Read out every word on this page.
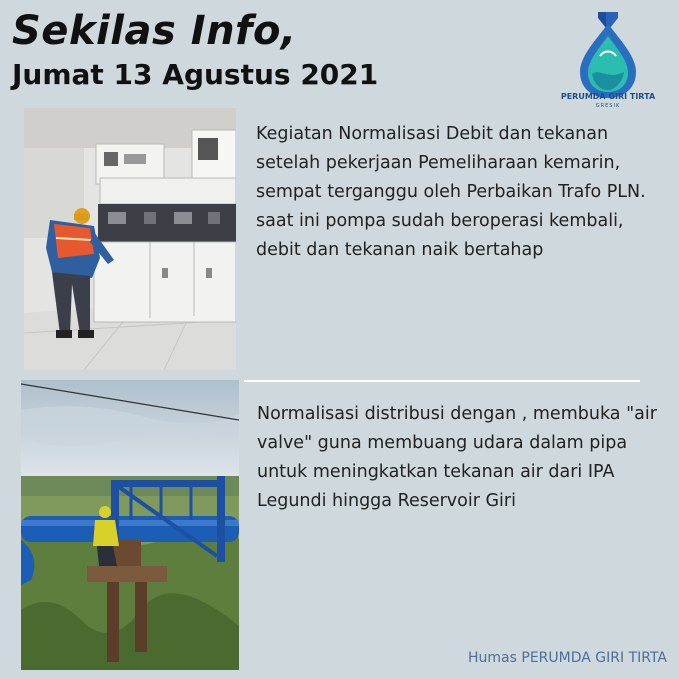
Sekilas Info,
Jumat 13 Agustus 2021
PERUMDA GIRI TIRTA
GRESIK
Kegiatan Normalisasi Debit dan tekanan setelah pekerjaan Pemeliharaan kemarin, sempat terganggu oleh Perbaikan Trafo PLN. saat ini pompa sudah beroperasi kembali, debit dan tekanan naik bertahap
Normalisasi distribusi dengan , membuka "air valve" guna membuang udara dalam pipa untuk meningkatkan tekanan air dari IPA Legundi hingga Reservoir Giri
Humas PERUMDA GIRI TIRTA
